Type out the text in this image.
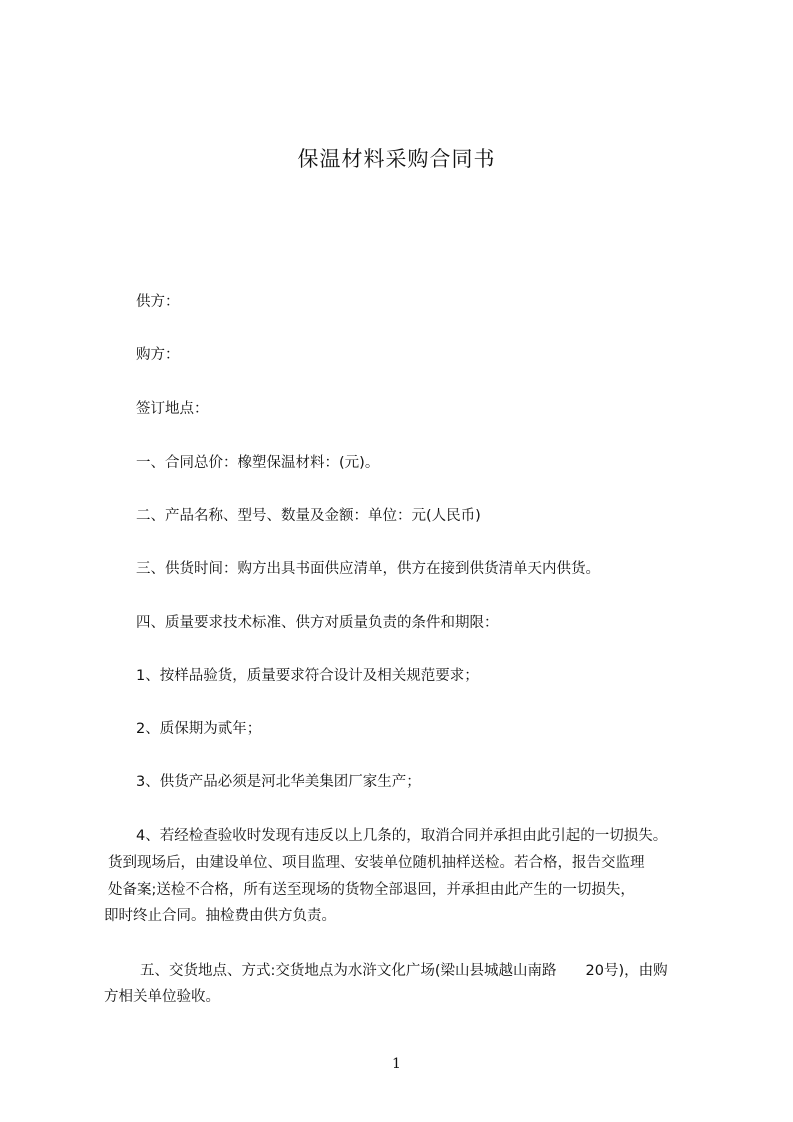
保温材料采购合同书
供方：
购方：
签订地点：
一、合同总价：橡塑保温材料：(元)。
二、产品名称、型号、数量及金额：单位：元(人民币)
三、供货时间：购方出具书面供应清单，供方在接到供货清单天内供货。
四、质量要求技术标准、供方对质量负责的条件和期限：
1、按样品验货，质量要求符合设计及相关规范要求；
2、质保期为贰年；
3、供货产品必须是河北华美集团厂家生产；
4、若经检查验收时发现有违反以上几条的，取消合同并承担由此引起的一切损失。
货到现场后，由建设单位、项目监理、安装单位随机抽样送检。若合格，报告交监理
处备案;送检不合格，所有送至现场的货物全部退回，并承担由此产生的一切损失，
即时终止合同。抽检费由供方负责。
五、交货地点、方式:交货地点为水浒文化广场(梁山县城越山南路　　20号)，由购
方相关单位验收。
1
